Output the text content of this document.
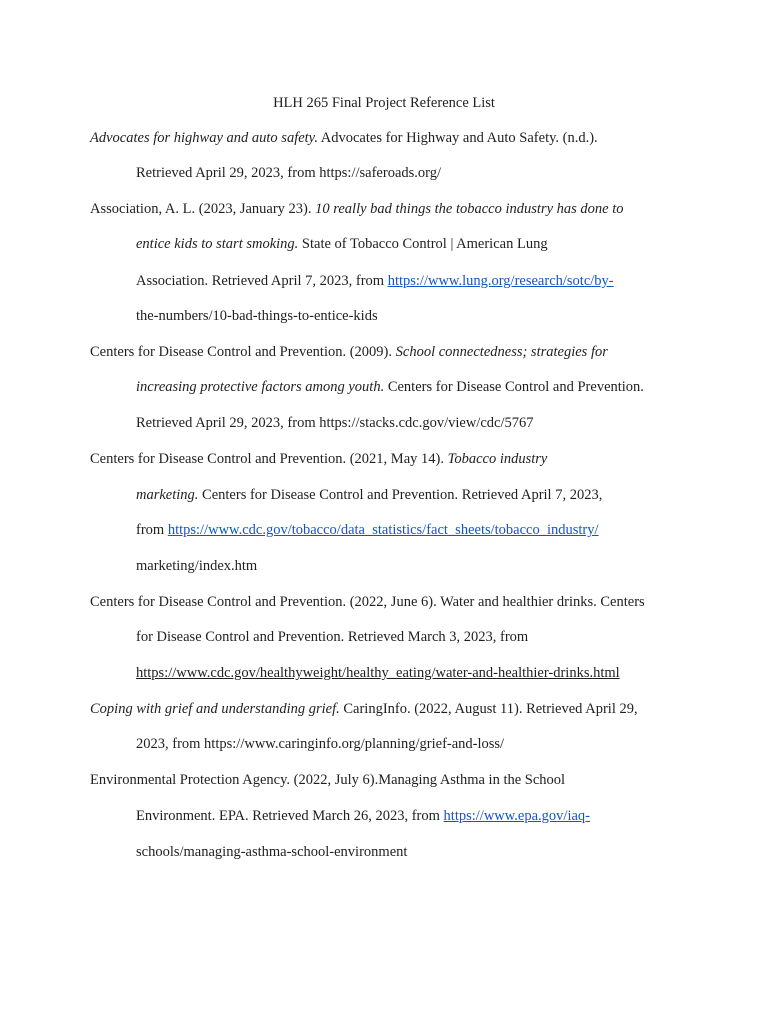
HLH 265 Final Project Reference List
Advocates for highway and auto safety. Advocates for Highway and Auto Safety. (n.d.).
Retrieved April 29, 2023, from https://saferoads.org/
Association, A. L. (2023, January 23). 10 really bad things the tobacco industry has done to
entice kids to start smoking. State of Tobacco Control | American Lung
Association. Retrieved April 7, 2023, from https://www.lung.org/research/sotc/by-
the-numbers/10-bad-things-to-entice-kids
Centers for Disease Control and Prevention. (2009). School connectedness; strategies for
increasing protective factors among youth. Centers for Disease Control and Prevention.
Retrieved April 29, 2023, from https://stacks.cdc.gov/view/cdc/5767
Centers for Disease Control and Prevention. (2021, May 14). Tobacco industry
marketing. Centers for Disease Control and Prevention. Retrieved April 7, 2023,
from https://www.cdc.gov/tobacco/data_statistics/fact_sheets/tobacco_industry/
marketing/index.htm
Centers for Disease Control and Prevention. (2022, June 6). Water and healthier drinks. Centers
for Disease Control and Prevention. Retrieved March 3, 2023, from
https://www.cdc.gov/healthyweight/healthy_eating/water-and-healthier-drinks.html
Coping with grief and understanding grief. CaringInfo. (2022, August 11). Retrieved April 29,
2023, from https://www.caringinfo.org/planning/grief-and-loss/
Environmental Protection Agency. (2022, July 6).Managing Asthma in the School
Environment. EPA. Retrieved March 26, 2023, from https://www.epa.gov/iaq-
schools/managing-asthma-school-environment
